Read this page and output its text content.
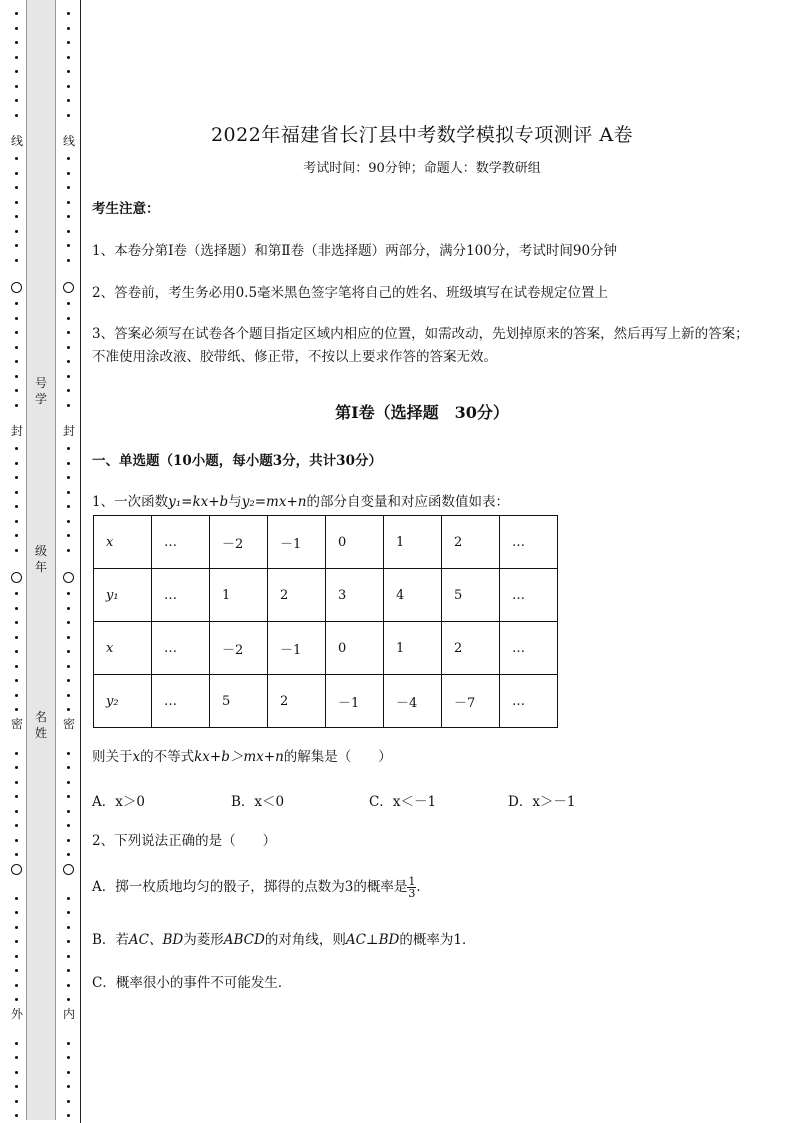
线
封
密
外
线
封
密
内
号
学
级
年
名
姓
2022年福建省长汀县中考数学模拟专项测评 A卷
考试时间：90分钟；命题人：数学教研组
考生注意：
1、本卷分第Ⅰ卷（选择题）和第Ⅱ卷（非选择题）两部分，满分100分，考试时间90分钟
2、答卷前，考生务必用0.5毫米黑色签字笔将自己的姓名、班级填写在试卷规定位置上
3、答案必须写在试卷各个题目指定区域内相应的位置，如需改动，先划掉原来的答案，然后再写上新的答案；不准使用涂改液、胶带纸、修正带，不按以上要求作答的答案无效。
第Ⅰ卷（选择题　30分）
一、单选题（10小题，每小题3分，共计30分）
1、一次函数y₁=kx+b与y₂=mx+n的部分自变量和对应函数值如表：
x	…	－2	－1	0	1	2	…
y₁	…	1	2	3	4	5	…
x	…	－2	－1	0	1	2	…
y₂	…	5	2	－1	－4	－7	…
则关于x的不等式kx+b＞mx+n的解集是（　　）
A．x＞0	B．x＜0	C．x＜－1	D．x＞－1
2、下列说法正确的是（　　）
A．掷一枚质地均匀的骰子，掷得的点数为3的概率是 $\frac{1}{3}$ ．
B．若AC、BD为菱形ABCD的对角线，则AC⊥BD的概率为1．
C．概率很小的事件不可能发生．
